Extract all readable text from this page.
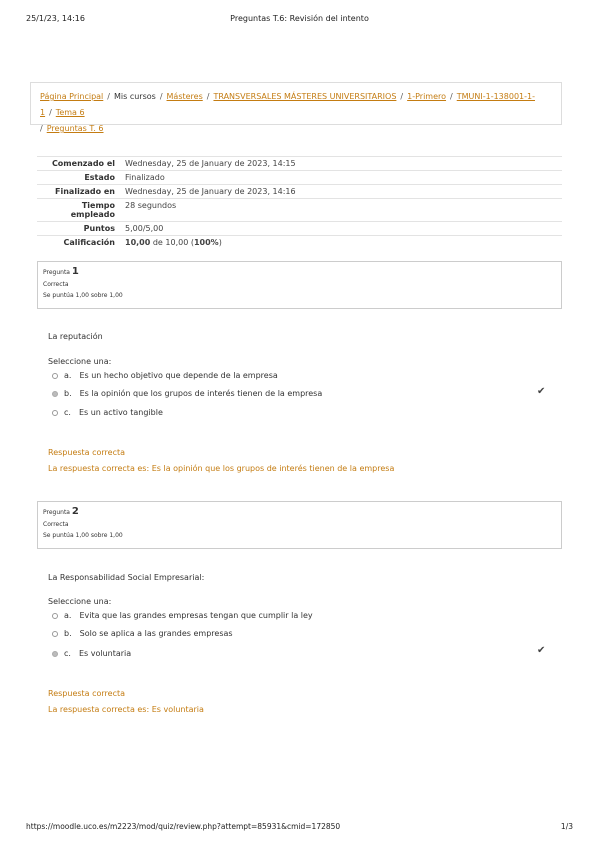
25/1/23, 14:16	Preguntas T.6: Revisión del intento
Página Principal / Mis cursos / Másteres / TRANSVERSALES MÁSTERES UNIVERSITARIOS / 1-Primero / TMUNI-1-138001-1-1 / Tema 6
/ Preguntas T. 6
Comenzado el	Wednesday, 25 de January de 2023, 14:15
Estado	Finalizado
Finalizado en	Wednesday, 25 de January de 2023, 14:16
Tiempo
empleado	28 segundos
Puntos	5,00/5,00
Calificación	10,00 de 10,00 (100%)
Pregunta 1
Correcta
Se puntúa 1,00 sobre 1,00
La reputación
Seleccione una:
a. Es un hecho objetivo que depende de la empresa
b. Es la opinión que los grupos de interés tienen de la empresa	✔
c. Es un activo tangible
Respuesta correcta
La respuesta correcta es: Es la opinión que los grupos de interés tienen de la empresa
Pregunta 2
Correcta
Se puntúa 1,00 sobre 1,00
La Responsabilidad Social Empresarial:
Seleccione una:
a. Evita que las grandes empresas tengan que cumplir la ley
b. Solo se aplica a las grandes empresas
c. Es voluntaria	✔
Respuesta correcta
La respuesta correcta es: Es voluntaria
https://moodle.uco.es/m2223/mod/quiz/review.php?attempt=85931&cmid=172850	1/3
